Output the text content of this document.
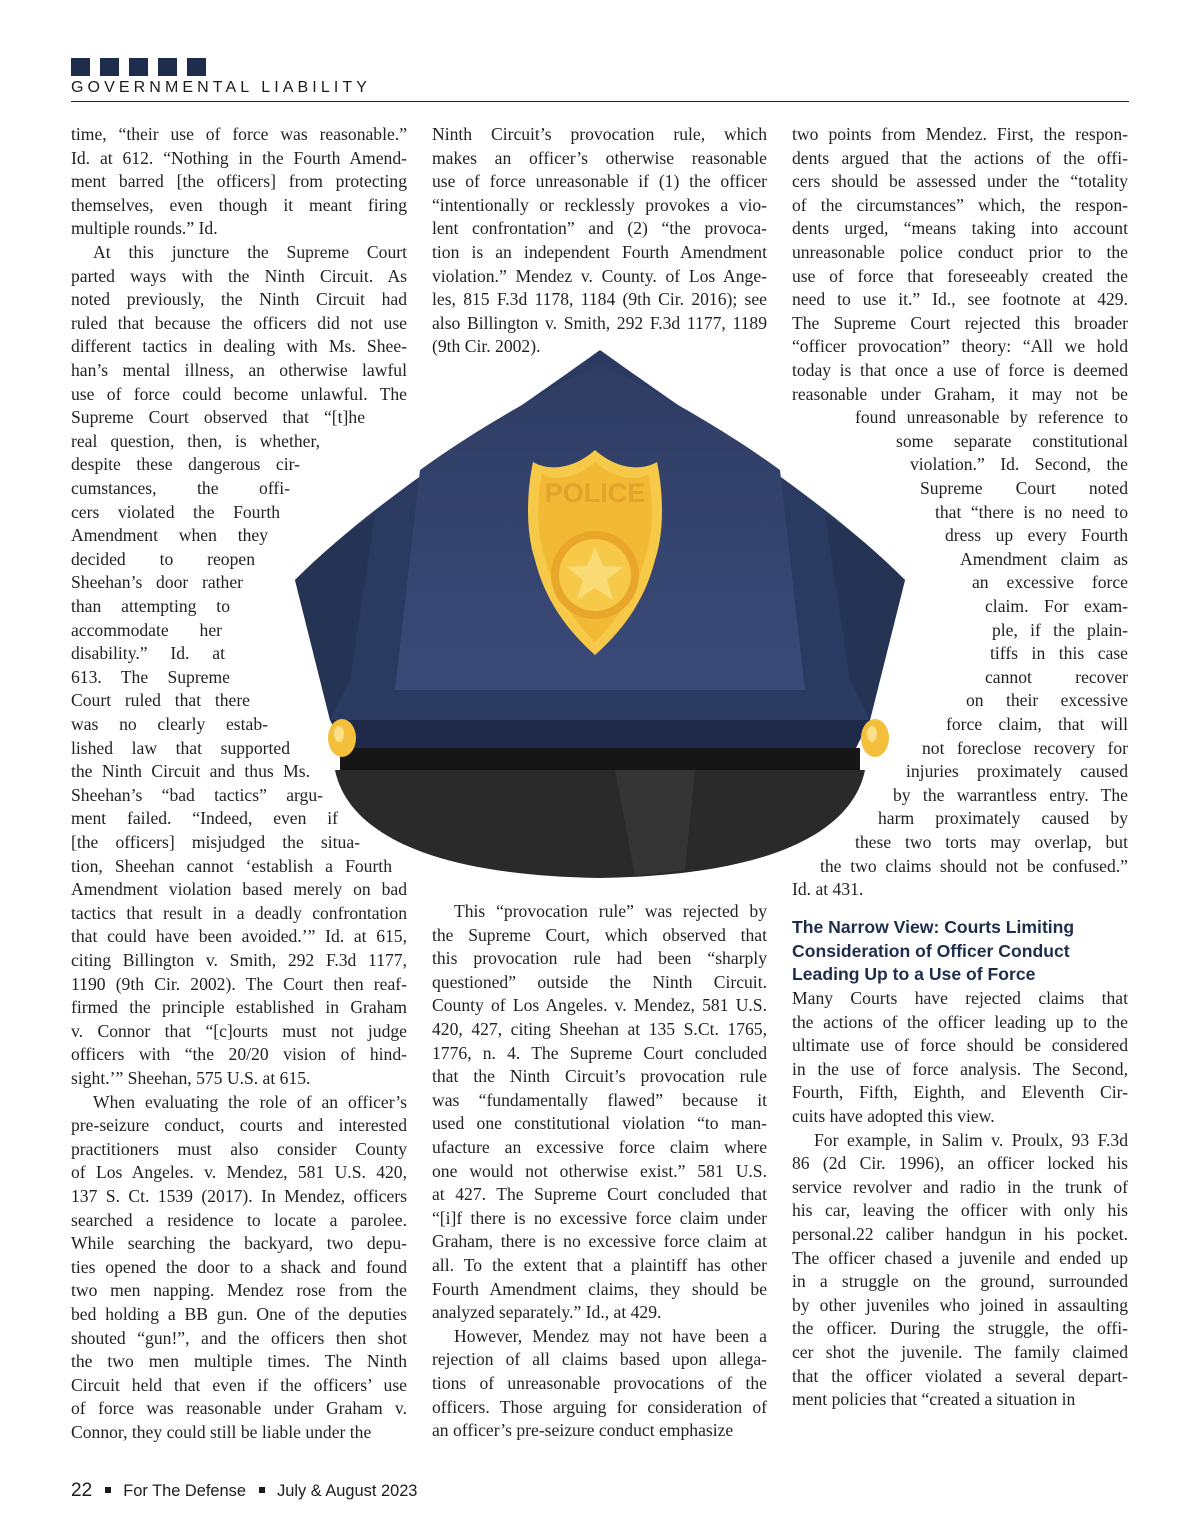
GOVERNMENTAL LIABILITY
time, “their use of force was reasonable.”
Id. at 612. “Nothing in the Fourth Amend-
ment barred [the officers] from protecting
themselves, even though it meant firing
multiple rounds.” Id.
At this juncture the Supreme Court
parted ways with the Ninth Circuit. As
noted previously, the Ninth Circuit had
ruled that because the officers did not use
different tactics in dealing with Ms. Shee-
han’s mental illness, an otherwise lawful
use of force could become unlawful. The
Supreme Court observed that “[t]he
real question, then, is whether,
despite these dangerous cir-
cumstances, the offi-
cers violated the Fourth
Amendment when they
decided to reopen
Sheehan’s door rather
than attempting to
accommodate her
disability.” Id. at
613. The Supreme
Court ruled that there
was no clearly estab-
lished law that supported
the Ninth Circuit and thus Ms.
Sheehan’s “bad tactics” argu-
ment failed. “Indeed, even if
[the officers] misjudged the situa-
tion, Sheehan cannot ‘establish a Fourth
Amendment violation based merely on bad
tactics that result in a deadly confrontation
that could have been avoided.’” Id. at 615,
citing Billington v. Smith, 292 F.3d 1177,
1190 (9th Cir. 2002). The Court then reaf-
firmed the principle established in Graham
v. Connor that “[c]ourts must not judge
officers with “the 20/20 vision of hind-
sight.’” Sheehan, 575 U.S. at 615.
When evaluating the role of an officer’s
pre-seizure conduct, courts and interested
practitioners must also consider County
of Los Angeles. v. Mendez, 581 U.S. 420,
137 S. Ct. 1539 (2017). In Mendez, officers
searched a residence to locate a parolee.
While searching the backyard, two depu-
ties opened the door to a shack and found
two men napping. Mendez rose from the
bed holding a BB gun. One of the deputies
shouted “gun!”, and the officers then shot
the two men multiple times. The Ninth
Circuit held that even if the officers’ use
of force was reasonable under Graham v.
Connor, they could still be liable under the
Ninth Circuit’s provocation rule, which
makes an officer’s otherwise reasonable
use of force unreasonable if (1) the officer
“intentionally or recklessly provokes a vio-
lent confrontation” and (2) “the provoca-
tion is an independent Fourth Amendment
violation.” Mendez v. County. of Los Ange-
les, 815 F.3d 1178, 1184 (9th Cir. 2016); see
also Billington v. Smith, 292 F.3d 1177, 1189
(9th Cir. 2002).
This “provocation rule” was rejected by
the Supreme Court, which observed that
this provocation rule had been “sharply
questioned” outside the Ninth Circuit.
County of Los Angeles. v. Mendez, 581 U.S.
420, 427, citing Sheehan at 135 S.Ct. 1765,
1776, n. 4. The Supreme Court concluded
that the Ninth Circuit’s provocation rule
was “fundamentally flawed” because it
used one constitutional violation “to man-
ufacture an excessive force claim where
one would not otherwise exist.” 581 U.S.
at 427. The Supreme Court concluded that
“[i]f there is no excessive force claim under
Graham, there is no excessive force claim at
all. To the extent that a plaintiff has other
Fourth Amendment claims, they should be
analyzed separately.” Id., at 429.
However, Mendez may not have been a
rejection of all claims based upon allega-
tions of unreasonable provocations of the
officers. Those arguing for consideration of
an officer’s pre-seizure conduct emphasize
two points from Mendez. First, the respon-
dents argued that the actions of the offi-
cers should be assessed under the “totality
of the circumstances” which, the respon-
dents urged, “means taking into account
unreasonable police conduct prior to the
use of force that foreseeably created the
need to use it.” Id., see footnote at 429.
The Supreme Court rejected this broader
“officer provocation” theory: “All we hold
today is that once a use of force is deemed
reasonable under Graham, it may not be
found unreasonable by reference to
some separate constitutional
violation.” Id. Second, the
Supreme Court noted
that “there is no need to
dress up every Fourth
Amendment claim as
an excessive force
claim. For exam-
ple, if the plain-
tiffs in this case
cannot recover
on their excessive
force claim, that will
not foreclose recovery for
injuries proximately caused
by the warrantless entry. The
harm proximately caused by
these two torts may overlap, but
the two claims should not be confused.”
Id. at 431.
The Narrow View: Courts Limiting
Consideration of Officer Conduct
Leading Up to a Use of Force
Many Courts have rejected claims that
the actions of the officer leading up to the
ultimate use of force should be considered
in the use of force analysis. The Second,
Fourth, Fifth, Eighth, and Eleventh Cir-
cuits have adopted this view.
For example, in Salim v. Proulx, 93 F.3d
86 (2d Cir. 1996), an officer locked his
service revolver and radio in the trunk of
his car, leaving the officer with only his
personal.22 caliber handgun in his pocket.
The officer chased a juvenile and ended up
in a struggle on the ground, surrounded
by other juveniles who joined in assaulting
the officer. During the struggle, the offi-
cer shot the juvenile. The family claimed
that the officer violated a several depart-
ment policies that “created a situation in
POLICE
22 For The Defense July & August 2023
